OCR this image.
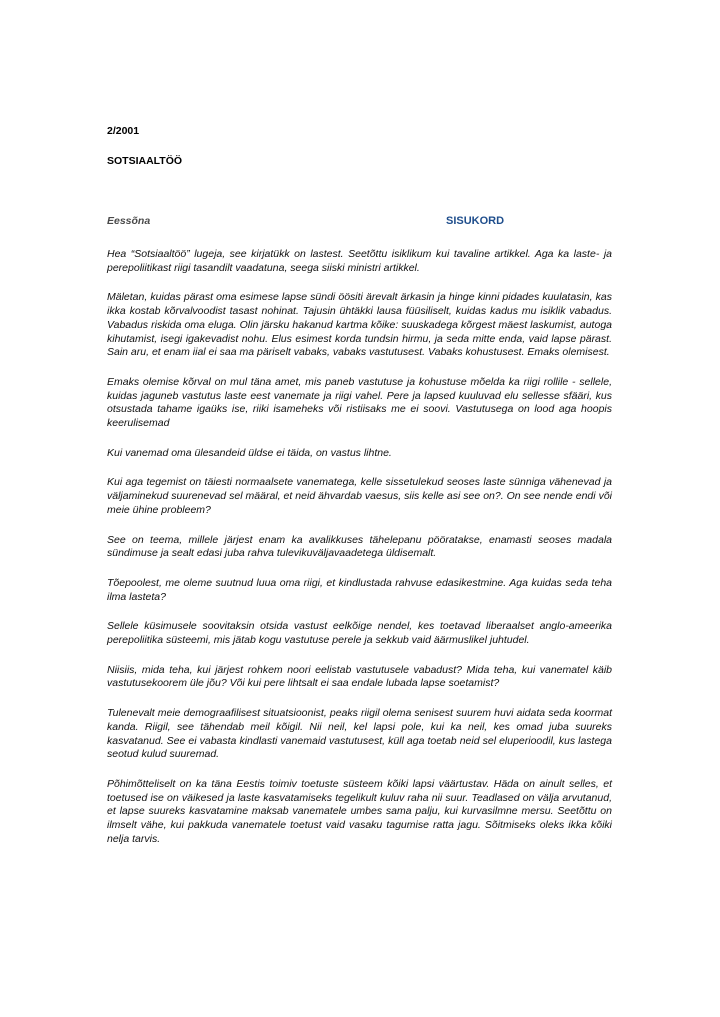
2/2001
SOTSIAALTÖÖ
Eessõna	SISUKORD

Hea “Sotsiaaltöö” lugeja, see kirjatükk on lastest. Seetõttu isiklikum kui tavaline artikkel. Aga ka laste- ja perepoliitikast riigi tasandilt vaadatuna, seega siiski ministri artikkel.

Mäletan, kuidas pärast oma esimese lapse sündi öösiti ärevalt ärkasin ja hinge kinni pidades kuulatasin, kas ikka kostab kõrvalvoodist tasast nohinat. Tajusin ühtäkki lausa füüsiliselt, kuidas kadus mu isiklik vabadus. Vabadus riskida oma eluga. Olin järsku hakanud kartma kõike: suuskadega kõrgest mäest laskumist, autoga kihutamist, isegi igakevadist nohu. Elus esimest korda tundsin hirmu, ja seda mitte enda, vaid lapse pärast. Sain aru, et enam iial ei saa ma päriselt vabaks, vabaks vastutusest. Vabaks kohustusest. Emaks olemisest.

Emaks olemise kõrval on mul täna amet, mis paneb vastutuse ja kohustuse mõelda ka riigi rollile - sellele, kuidas jaguneb vastutus laste eest vanemate ja riigi vahel. Pere ja lapsed kuuluvad elu sellesse sfääri, kus otsustada tahame igaüks ise, riiki isameheks või ristiisaks me ei soovi. Vastutusega on lood aga hoopis keerulisemad

Kui vanemad oma ülesandeid üldse ei täida, on vastus lihtne.

Kui aga tegemist on täiesti normaalsete vanematega, kelle sissetulekud seoses laste sünniga vähenevad ja väljaminekud suurenevad sel määral, et neid ähvardab vaesus, siis kelle asi see on?. On see nende endi või meie ühine probleem?

See on teema, millele järjest enam ka avalikkuses tähelepanu pööratakse, enamasti seoses madala sündimuse ja sealt edasi juba rahva tulevikuväljavaadetega üldisemalt.

Tõepoolest, me oleme suutnud luua oma riigi, et kindlustada rahvuse edasikestmine. Aga kuidas seda teha ilma lasteta?

Sellele küsimusele soovitaksin otsida vastust eelkõige nendel, kes toetavad liberaalset anglo-ameerika perepoliitika süsteemi, mis jätab kogu vastutuse perele ja sekkub vaid äärmuslikel juhtudel.

Niisiis, mida teha, kui järjest rohkem noori eelistab vastutusele vabadust? Mida teha, kui vanematel käib vastutusekoorem üle jõu? Või kui pere lihtsalt ei saa endale lubada lapse soetamist?

Tulenevalt meie demograafilisest situatsioonist, peaks riigil olema senisest suurem huvi aidata seda koormat kanda. Riigil, see tähendab meil kõigil. Nii neil, kel lapsi pole, kui ka neil, kes omad juba suureks kasvatanud. See ei vabasta kindlasti vanemaid vastutusest, küll aga toetab neid sel eluperioodil, kus lastega seotud kulud suuremad.

Põhimõtteliselt on ka täna Eestis toimiv toetuste süsteem kõiki lapsi väärtustav. Häda on ainult selles, et toetused ise on väikesed ja laste kasvatamiseks tegelikult kuluv raha nii suur. Teadlased on välja arvutanud, et lapse suureks kasvatamine maksab vanematele umbes sama palju, kui kurvasilmne mersu. Seetõttu on ilmselt vähe, kui pakkuda vanematele toetust vaid vasaku tagumise ratta jagu. Sõitmiseks oleks ikka kõiki nelja tarvis.
